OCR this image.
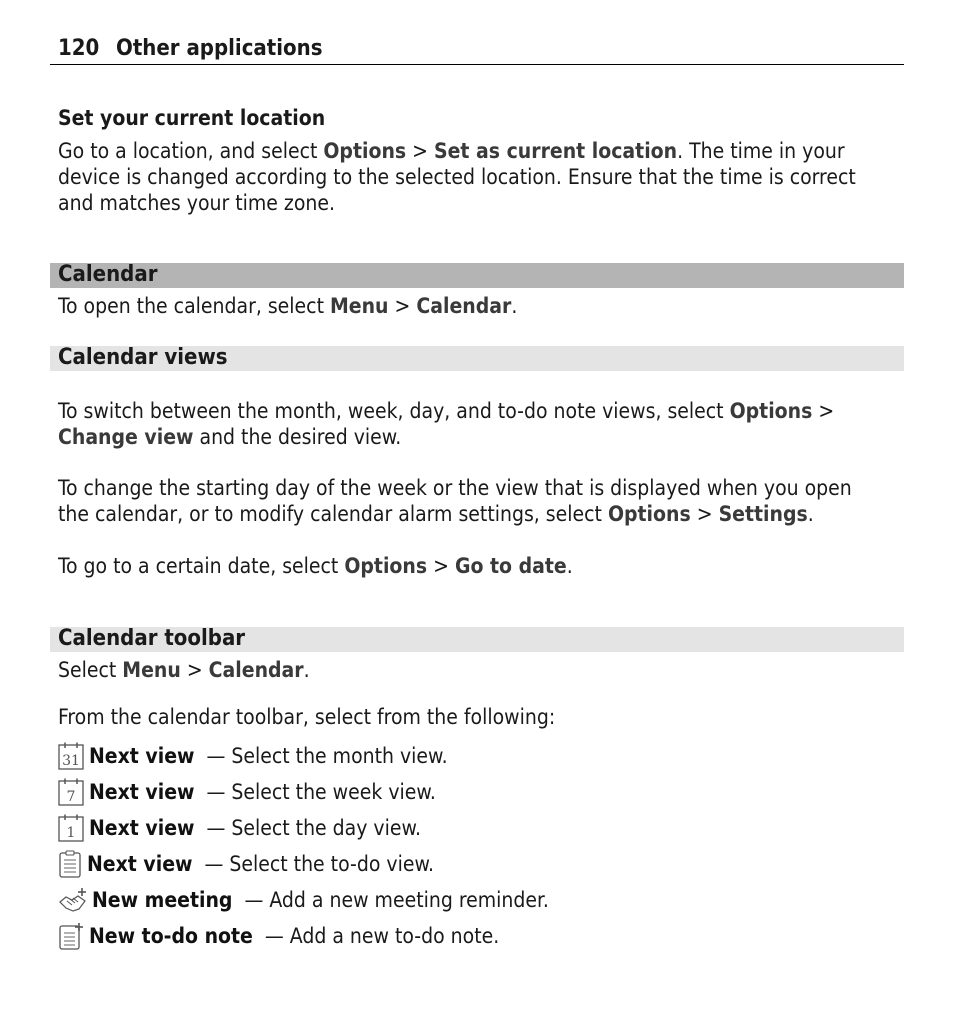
120 Other applications
Set your current location
Go to a location, and select Options > Set as current location. The time in your
device is changed according to the selected location. Ensure that the time is correct
and matches your time zone.
Calendar
To open the calendar, select Menu > Calendar.
Calendar views
To switch between the month, week, day, and to-do note views, select Options >
Change view and the desired view.
To change the starting day of the week or the view that is displayed when you open
the calendar, or to modify calendar alarm settings, select Options > Settings.
To go to a certain date, select Options > Go to date.
Calendar toolbar
Select Menu > Calendar.
From the calendar toolbar, select from the following:
31 Next view — Select the month view.
7 Next view — Select the week view.
1 Next view — Select the day view.
Next view — Select the to-do view.
New meeting — Add a new meeting reminder.
New to-do note — Add a new to-do note.
